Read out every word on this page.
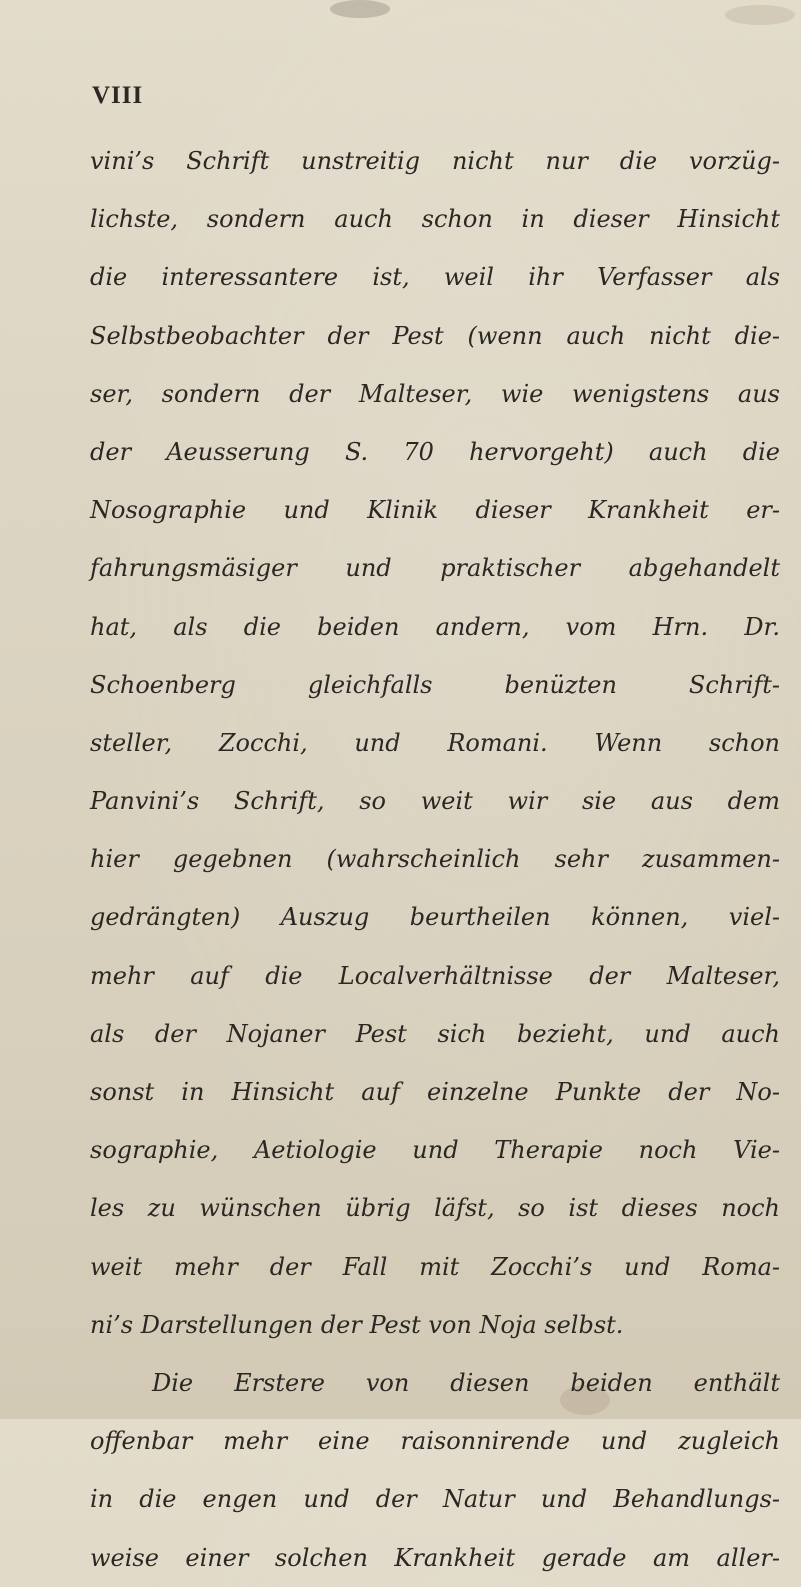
VIII
vini’s Schrift unstreitig nicht nur die vorzüg-
lichste, sondern auch schon in dieser Hinsicht
die interessantere ist, weil ihr Verfasser als
Selbstbeobachter der Pest (wenn auch nicht die-
ser, sondern der Malteser, wie wenigstens aus
der Aeusserung S. 70 hervorgeht) auch die
Nosographie und Klinik dieser Krankheit er-
fahrungsmäsiger und praktischer abgehandelt
hat, als die beiden andern, vom Hrn. Dr.
Schoenberg gleichfalls benüzten Schrift-
steller, Zocchi, und Romani. Wenn schon
Panvini’s Schrift, so weit wir sie aus dem
hier gegebnen (wahrscheinlich sehr zusammen-
gedrängten) Auszug beurtheilen können, viel-
mehr auf die Localverhältnisse der Malteser,
als der Nojaner Pest sich bezieht, und auch
sonst in Hinsicht auf einzelne Punkte der No-
sographie, Aetiologie und Therapie noch Vie-
les zu wünschen übrig läfst, so ist dieses noch
weit mehr der Fall mit Zocchi’s und Roma-
ni’s Darstellungen der Pest von Noja selbst.
Die Erstere von diesen beiden enthält
offenbar mehr eine raisonnirende und zugleich
in die engen und der Natur und Behandlungs-
weise einer solchen Krankheit gerade am aller-
